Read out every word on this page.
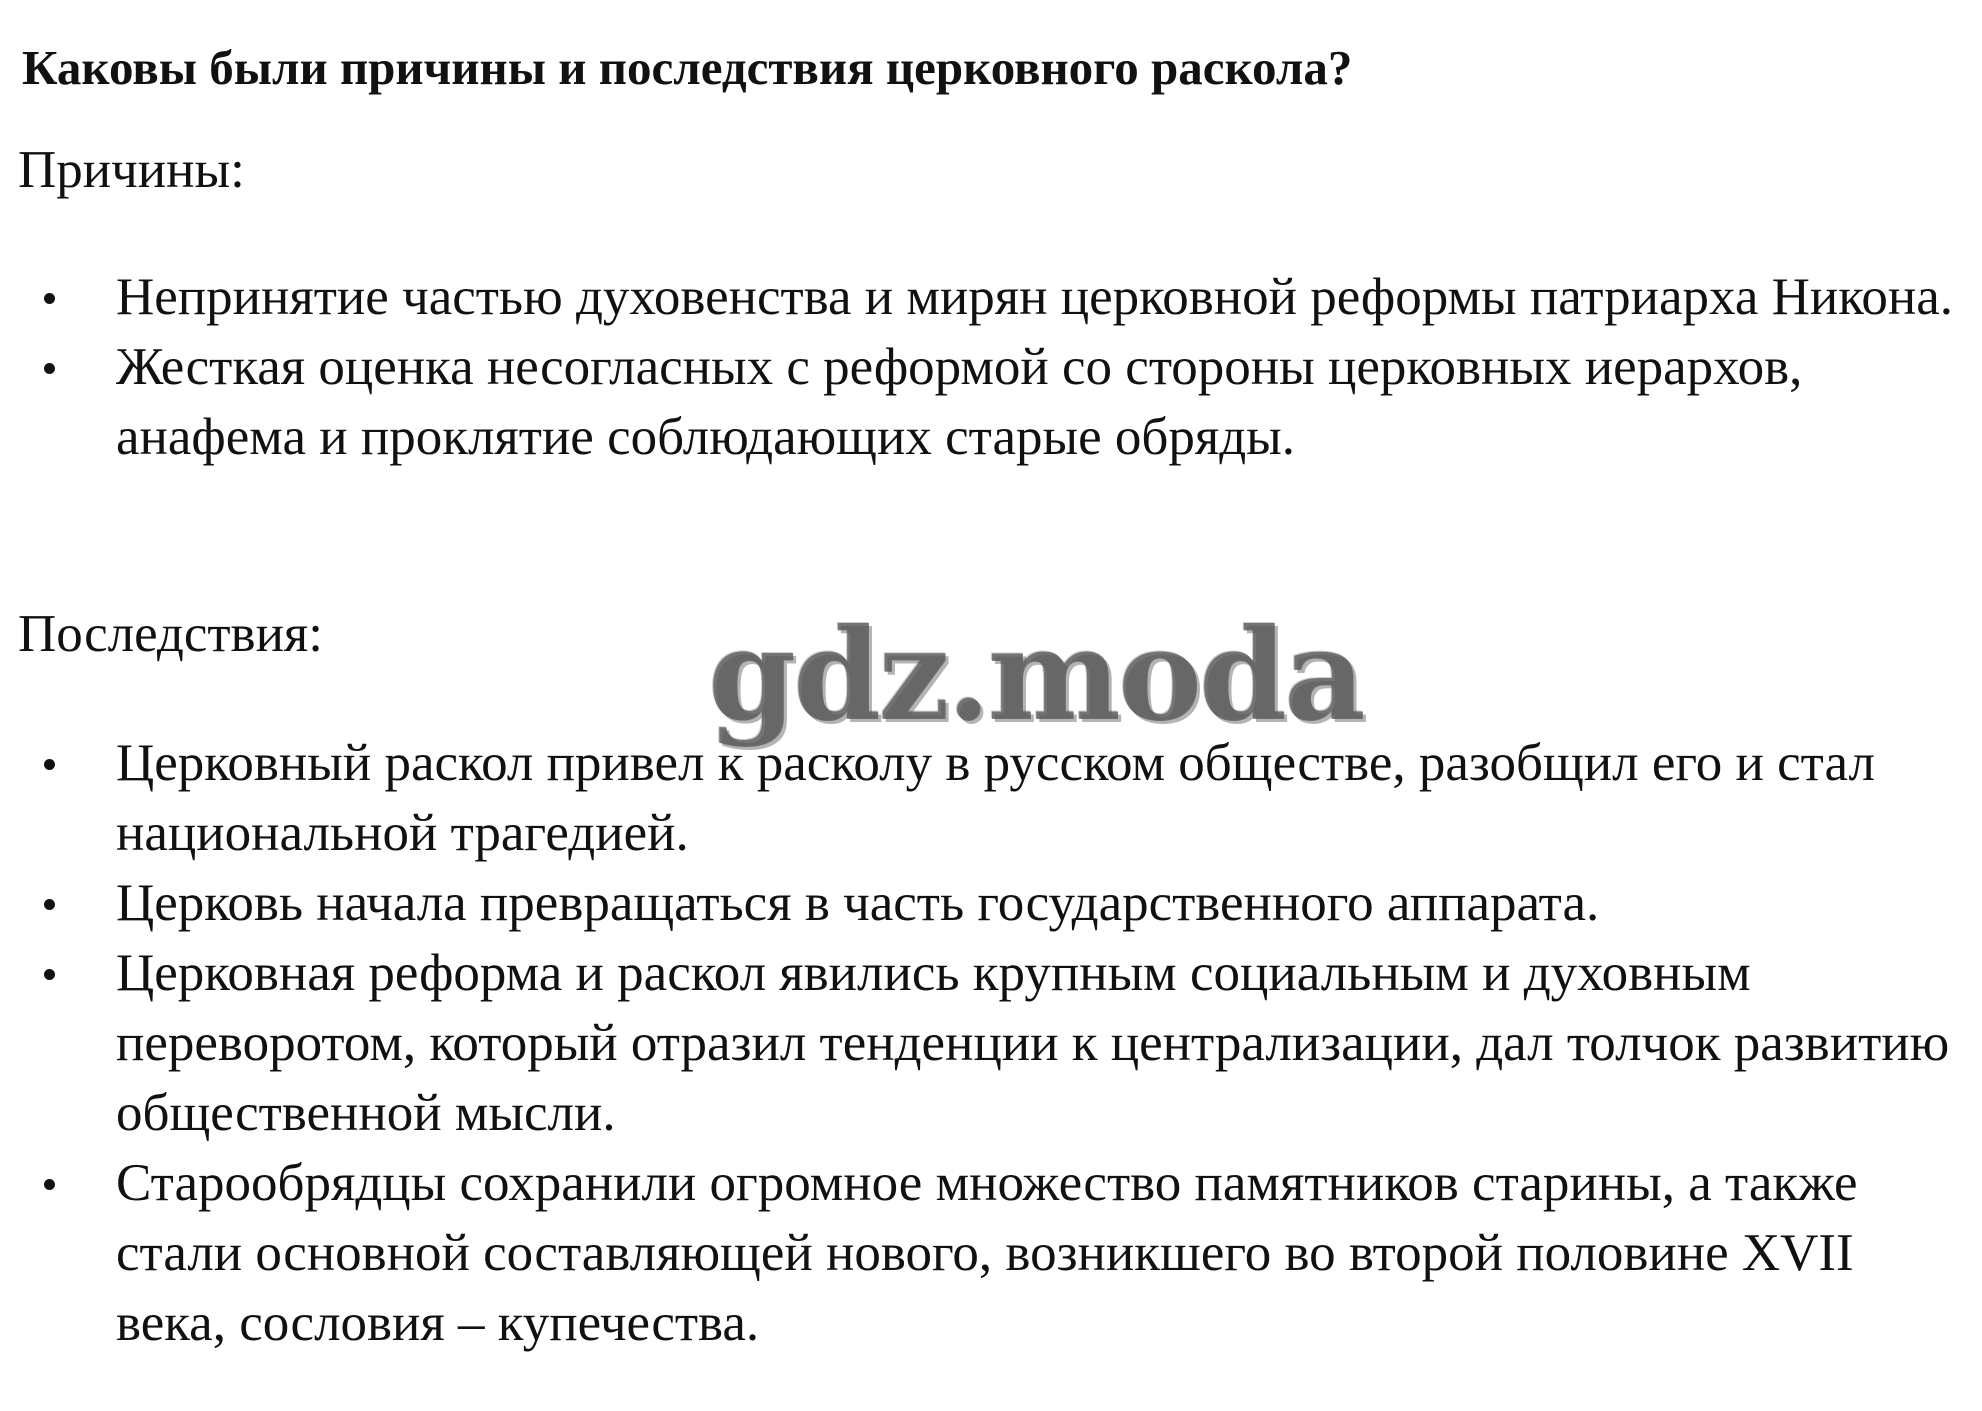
Каковы были причины и последствия церковного раскола?
Причины:
Непринятие частью духовенства и мирян церковной реформы патриарха Никона.
Жесткая оценка несогласных с реформой со стороны церковных иерархов, анафема и проклятие соблюдающих старые обряды.
Последствия:
Церковный раскол привел к расколу в русском обществе, разобщил его и стал национальной трагедией.
Церковь начала превращаться в часть государственного аппарата.
Церковная реформа и раскол явились крупным социальным и духовным переворотом, который отразил тенденции к централизации, дал толчок развитию общественной мысли.
Старообрядцы сохранили огромное множество памятников старины, а также стали основной составляющей нового, возникшего во второй половине XVII века, сословия – купечества.
gdz.moda
